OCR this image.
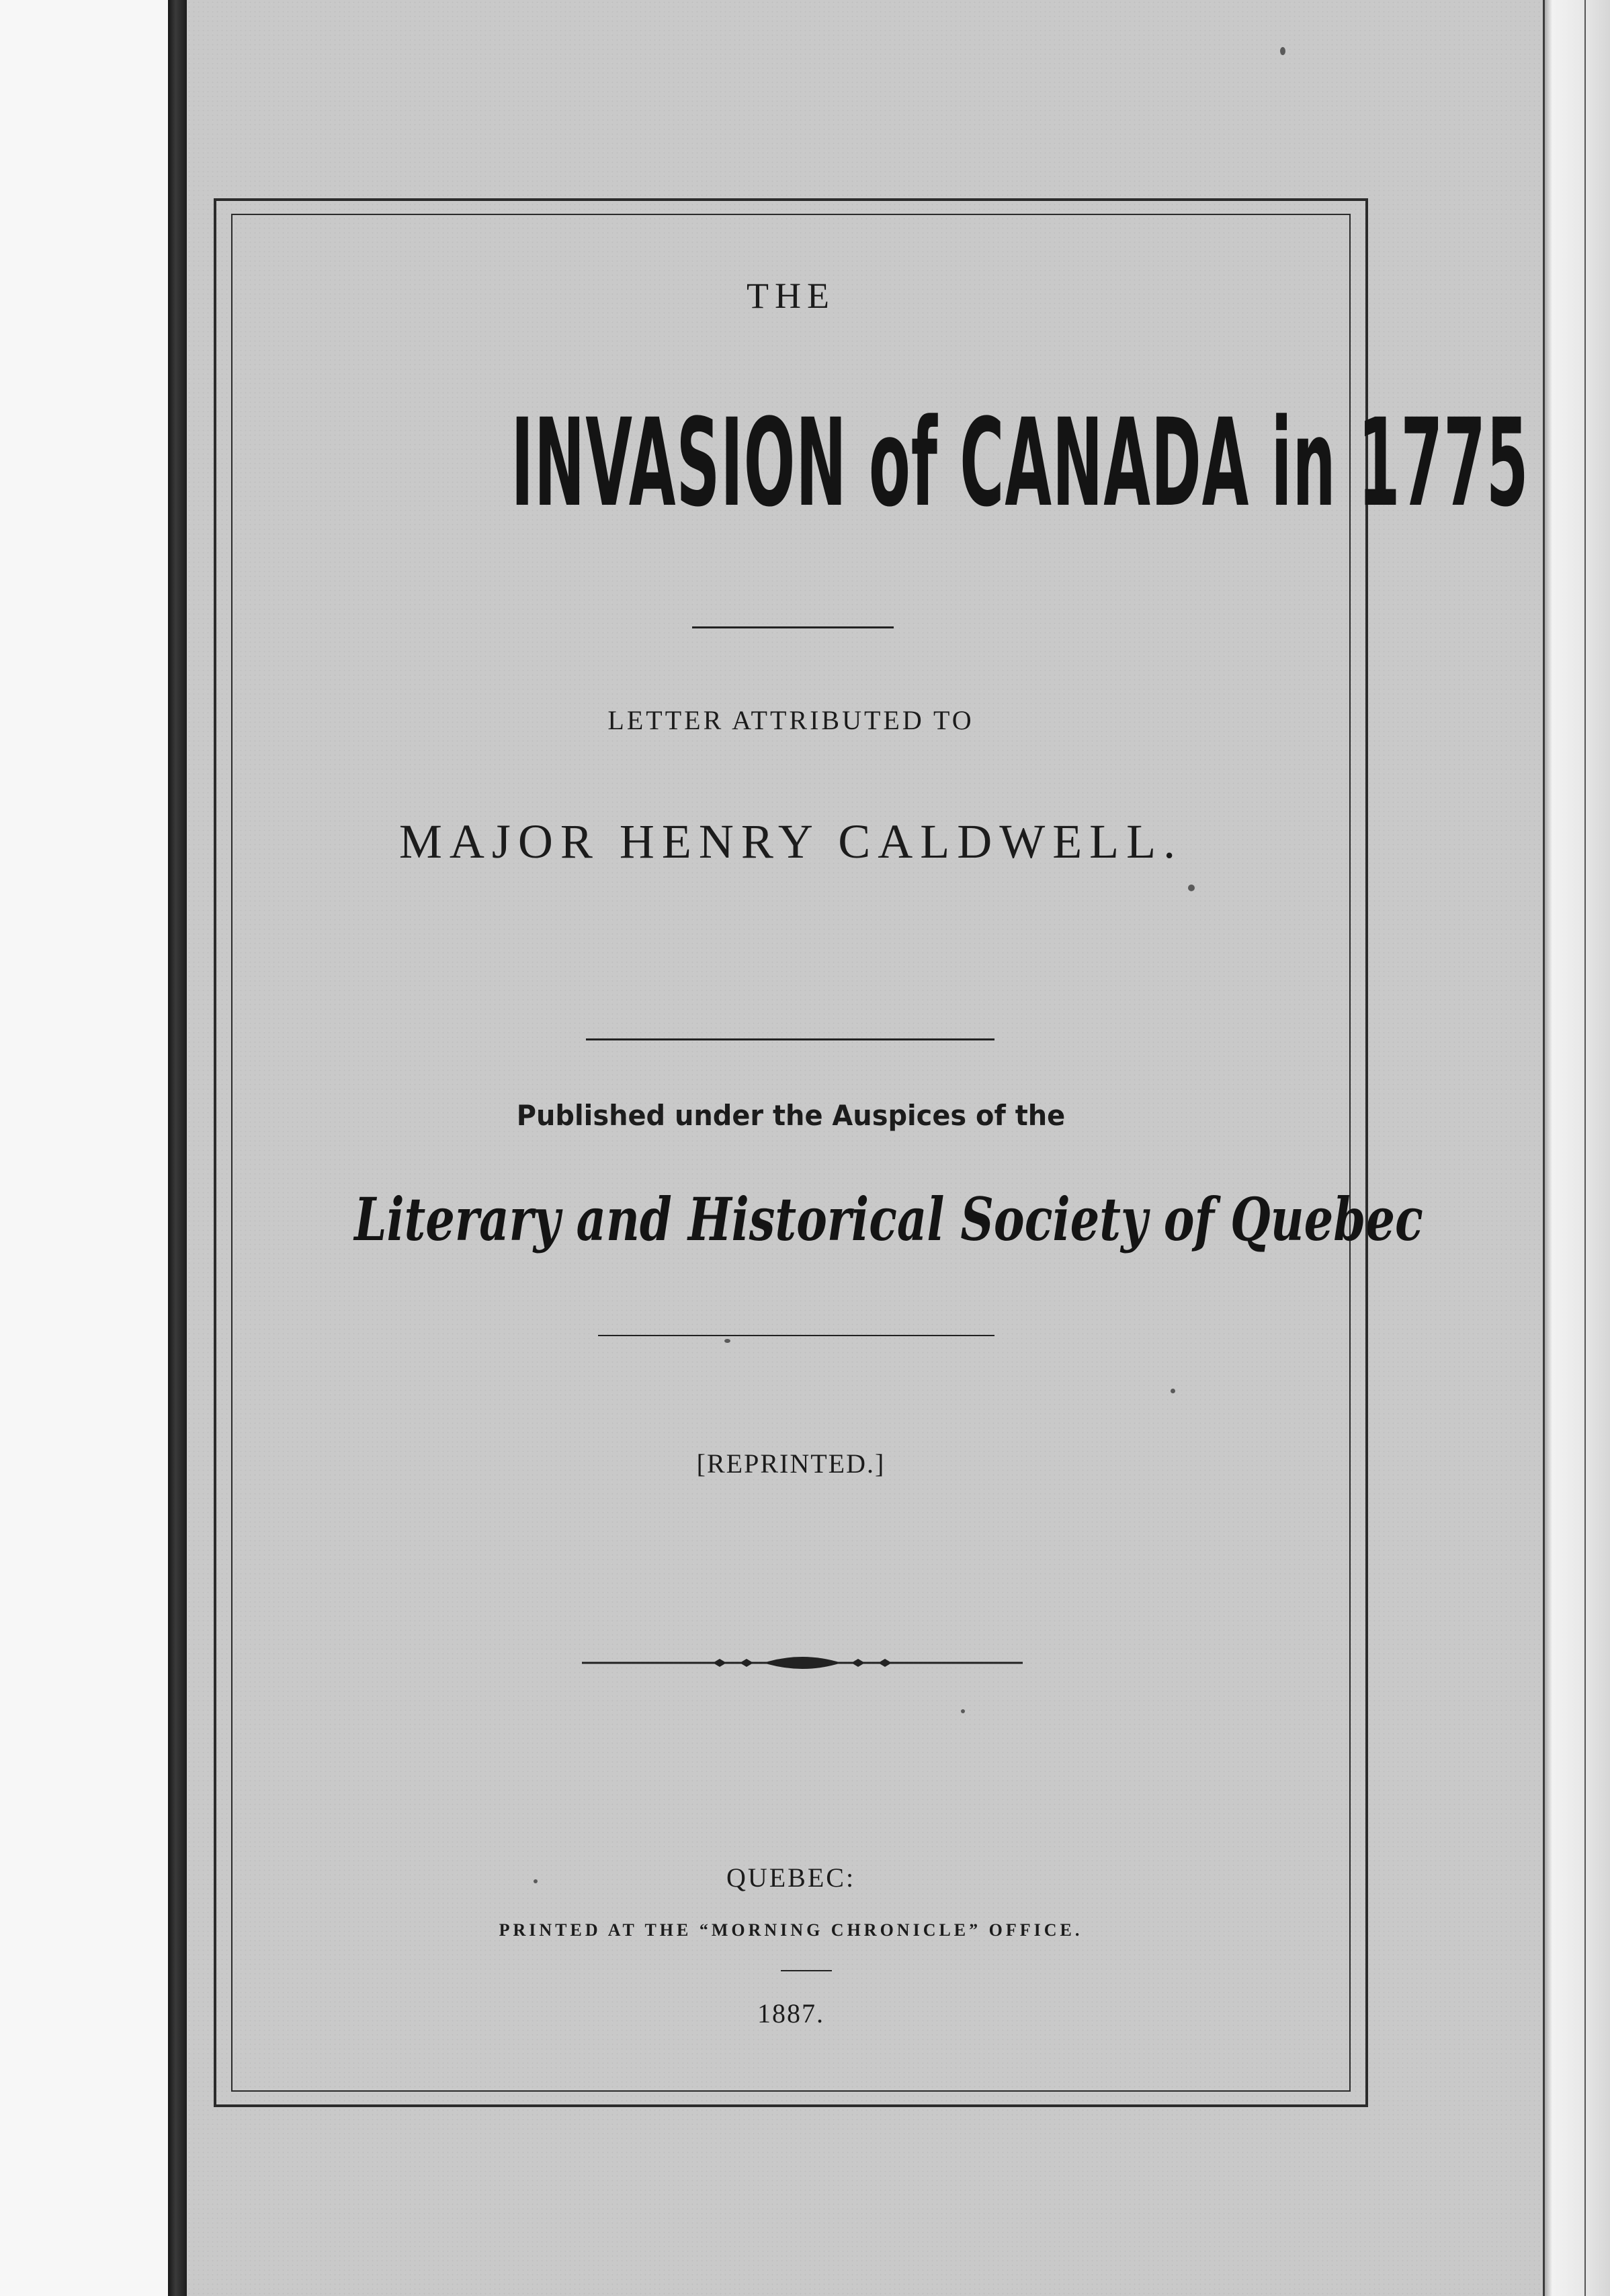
THE

INVASION of CANADA in 1775

LETTER ATTRIBUTED TO

MAJOR HENRY CALDWELL.

Published under the Auspices of the

Literary and Historical Society of Quebec

[REPRINTED.]

QUEBEC:

PRINTED AT THE “MORNING CHRONICLE” OFFICE.

1887.
